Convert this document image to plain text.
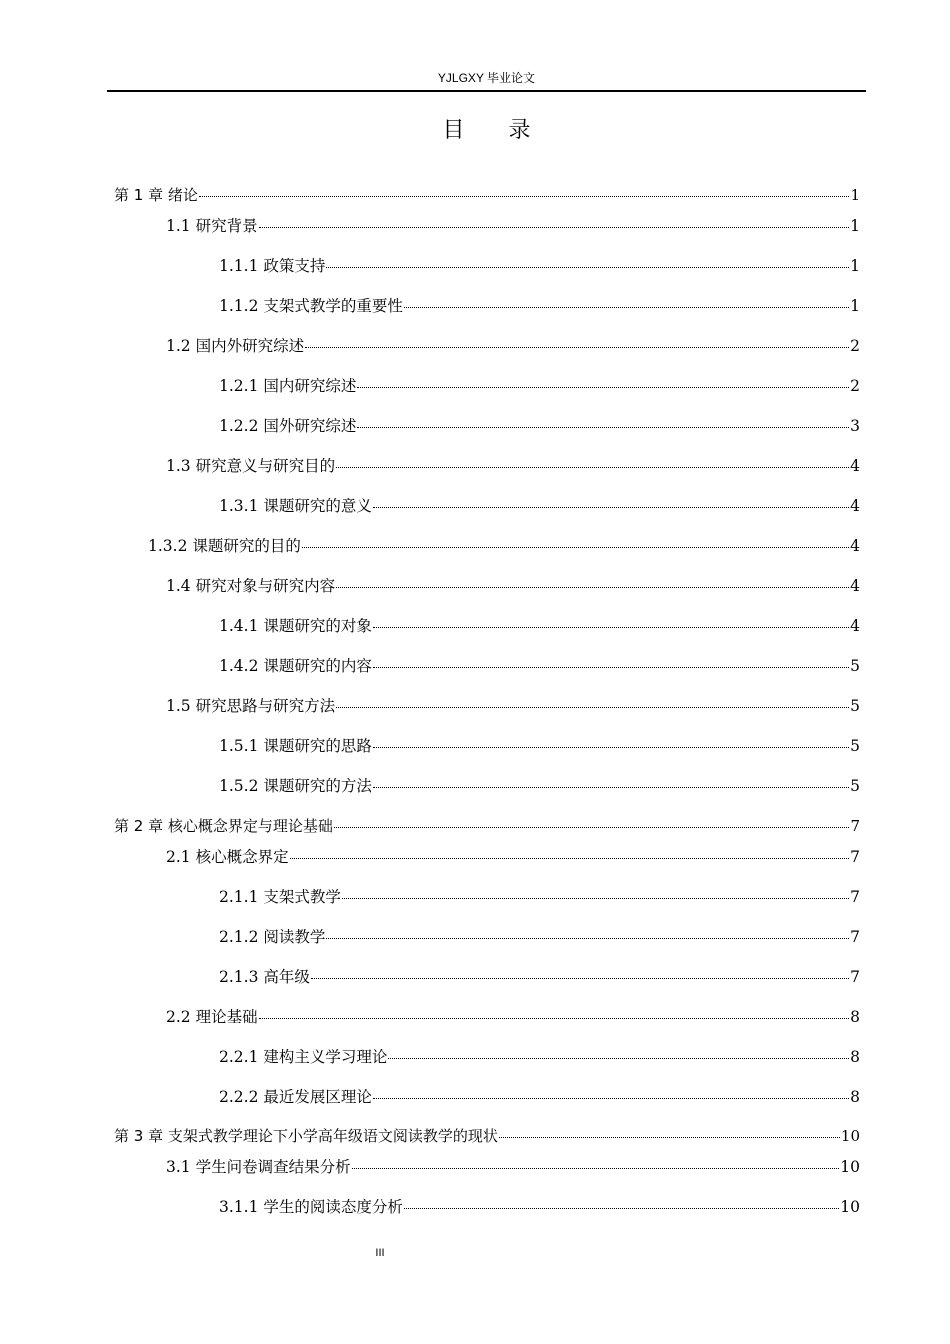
YJLGXY 毕业论文
目录
第 1 章 绪论	1
1.1 研究背景	1
1.1.1 政策支持	1
1.1.2 支架式教学的重要性	1
1.2 国内外研究综述	2
1.2.1 国内研究综述	2
1.2.2 国外研究综述	3
1.3 研究意义与研究目的	4
1.3.1 课题研究的意义	4
1.3.2 课题研究的目的	4
1.4 研究对象与研究内容	4
1.4.1 课题研究的对象	4
1.4.2 课题研究的内容	5
1.5 研究思路与研究方法	5
1.5.1 课题研究的思路	5
1.5.2 课题研究的方法	5
第 2 章 核心概念界定与理论基础	7
2.1 核心概念界定	7
2.1.1 支架式教学	7
2.1.2 阅读教学	7
2.1.3 高年级	7
2.2 理论基础	8
2.2.1 建构主义学习理论	8
2.2.2 最近发展区理论	8
第 3 章 支架式教学理论下小学高年级语文阅读教学的现状	10
3.1 学生问卷调查结果分析	10
3.1.1 学生的阅读态度分析	10
III
